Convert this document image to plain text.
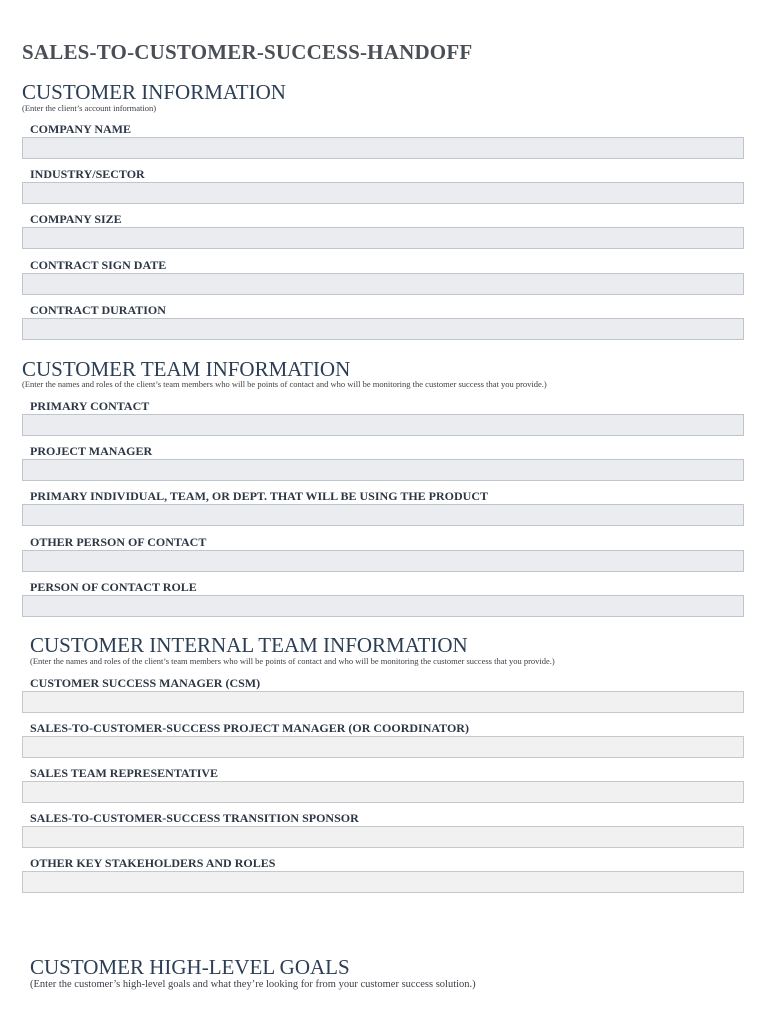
SALES-TO-CUSTOMER-SUCCESS-HANDOFF
CUSTOMER INFORMATION
(Enter the client’s account information)
COMPANY NAME
INDUSTRY/SECTOR
COMPANY SIZE
CONTRACT SIGN DATE
CONTRACT DURATION
CUSTOMER TEAM INFORMATION
(Enter the names and roles of the client’s team members who will be points of contact and who will be monitoring the customer success that you provide.)
PRIMARY CONTACT
PROJECT MANAGER
PRIMARY INDIVIDUAL, TEAM, OR DEPT. THAT WILL BE USING THE PRODUCT
OTHER PERSON OF CONTACT
PERSON OF CONTACT ROLE
CUSTOMER INTERNAL TEAM INFORMATION
(Enter the names and roles of the client’s team members who will be points of contact and who will be monitoring the customer success that you provide.)
CUSTOMER SUCCESS MANAGER (CSM)
SALES-TO-CUSTOMER-SUCCESS PROJECT MANAGER (OR COORDINATOR)
SALES TEAM REPRESENTATIVE
SALES-TO-CUSTOMER-SUCCESS TRANSITION SPONSOR
OTHER KEY STAKEHOLDERS AND ROLES
CUSTOMER HIGH-LEVEL GOALS
(Enter the customer’s high-level goals and what they’re looking for from your customer success solution.)
